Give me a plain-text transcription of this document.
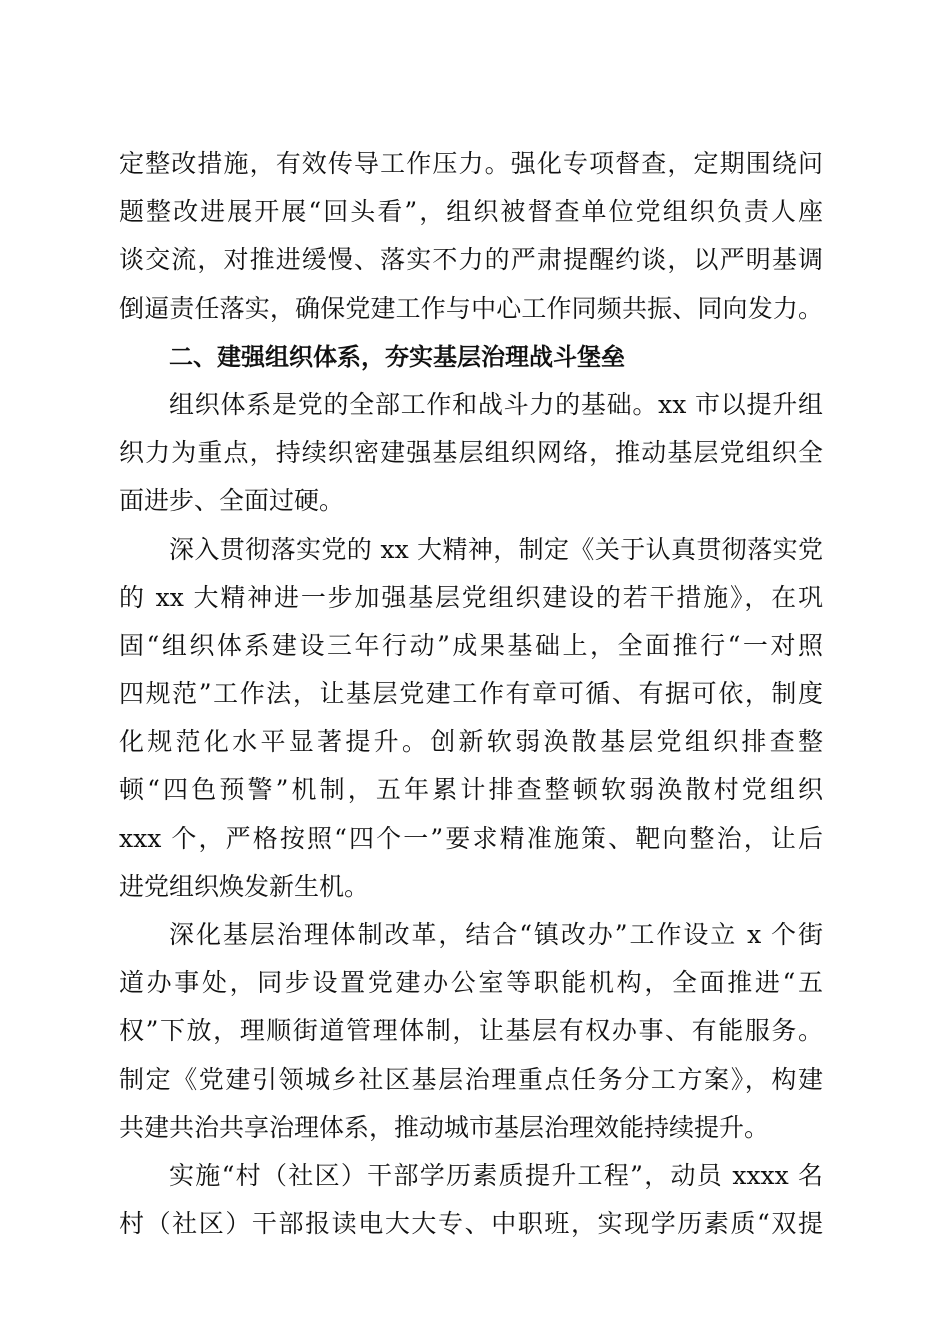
定整改措施，有效传导工作压力。强化专项督查，定期围绕问
题整改进展开展“回头看”，组织被督查单位党组织负责人座
谈交流，对推进缓慢、落实不力的严肃提醒约谈，以严明基调
倒逼责任落实，确保党建工作与中心工作同频共振、同向发力。
二、建强组织体系，夯实基层治理战斗堡垒
组织体系是党的全部工作和战斗力的基础。xx 市以提升组
织力为重点，持续织密建强基层组织网络，推动基层党组织全
面进步、全面过硬。
深入贯彻落实党的 xx 大精神，制定《关于认真贯彻落实党
的 xx 大精神进一步加强基层党组织建设的若干措施》，在巩
固“组织体系建设三年行动”成果基础上，全面推行“一对照
四规范”工作法，让基层党建工作有章可循、有据可依，制度
化规范化水平显著提升。创新软弱涣散基层党组织排查整
顿“四色预警”机制，五年累计排查整顿软弱涣散村党组织
xxx 个，严格按照“四个一”要求精准施策、靶向整治，让后
进党组织焕发新生机。
深化基层治理体制改革，结合“镇改办”工作设立 x 个街
道办事处，同步设置党建办公室等职能机构，全面推进“五
权”下放，理顺街道管理体制，让基层有权办事、有能服务。
制定《党建引领城乡社区基层治理重点任务分工方案》，构建
共建共治共享治理体系，推动城市基层治理效能持续提升。
实施“村（社区）干部学历素质提升工程”，动员 xxxx 名
村（社区）干部报读电大大专、中职班，实现学历素质“双提
